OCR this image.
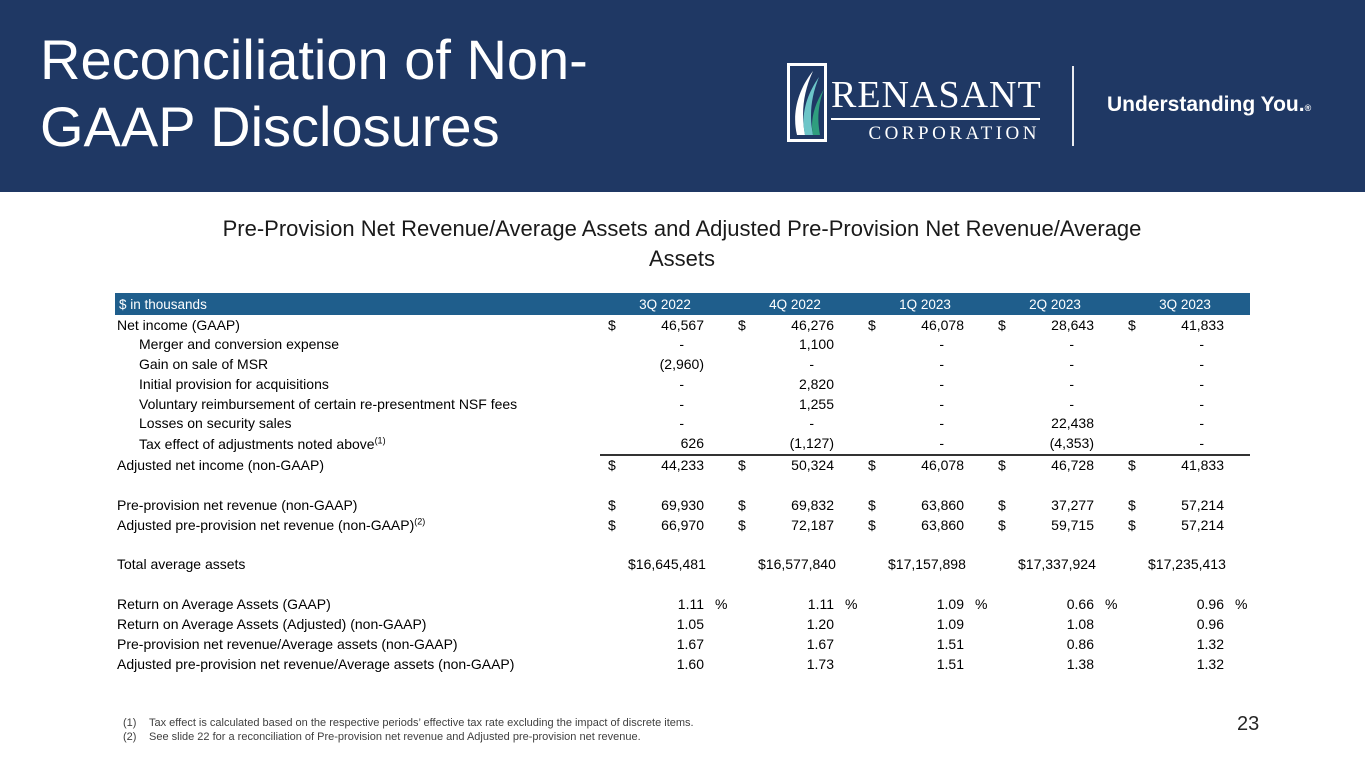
Reconciliation of Non-GAAP Disclosures
RENASANT
CORPORATION
Understanding You.®
Pre-Provision Net Revenue/Average Assets and Adjusted Pre-Provision Net Revenue/Average Assets
$ in thousands	3Q 2022			4Q 2022			1Q 2023			2Q 2023			3Q 2023		
Net income (GAAP)	$	46,567		$	46,276		$	46,078		$	28,643		$	41,833	
Merger and conversion expense		-			1,100			-			-			-	
Gain on sale of MSR		(2,960)			-			-			-			-	
Initial provision for acquisitions		-			2,820			-			-			-	
Voluntary reimbursement of certain re-presentment NSF fees		-			1,255			-			-			-	
Losses on security sales		-			-			-			22,438			-	
Tax effect of adjustments noted above$^{(1)}$		626			(1,127)			-			(4,353)			-	
Adjusted net income (non-GAAP)	$	44,233		$	50,324		$	46,078		$	46,728		$	41,833	

Pre-provision net revenue (non-GAAP)	$	69,930		$	69,832		$	63,860		$	37,277		$	57,214	
Adjusted pre-provision net revenue (non-GAAP)$^{(2)}$	$	66,970		$	72,187		$	63,860		$	59,715		$	57,214	

Total average assets		$16,645,481			$16,577,840			$17,157,898			$17,337,924			$17,235,413	

Return on Average Assets (GAAP)		1.11	%		1.11	%		1.09	%		0.66	%		0.96	%
Return on Average Assets (Adjusted) (non-GAAP)		1.05			1.20			1.09			1.08			0.96	
Pre-provision net revenue/Average assets (non-GAAP)		1.67			1.67			1.51			0.86			1.32	
Adjusted pre-provision net revenue/Average assets (non-GAAP)		1.60			1.73			1.51			1.38			1.32	
(1)	Tax effect is calculated based on the respective periods’ effective tax rate excluding the impact of discrete items.
(2)	See slide 22 for a reconciliation of Pre-provision net revenue and Adjusted pre-provision net revenue.
23
